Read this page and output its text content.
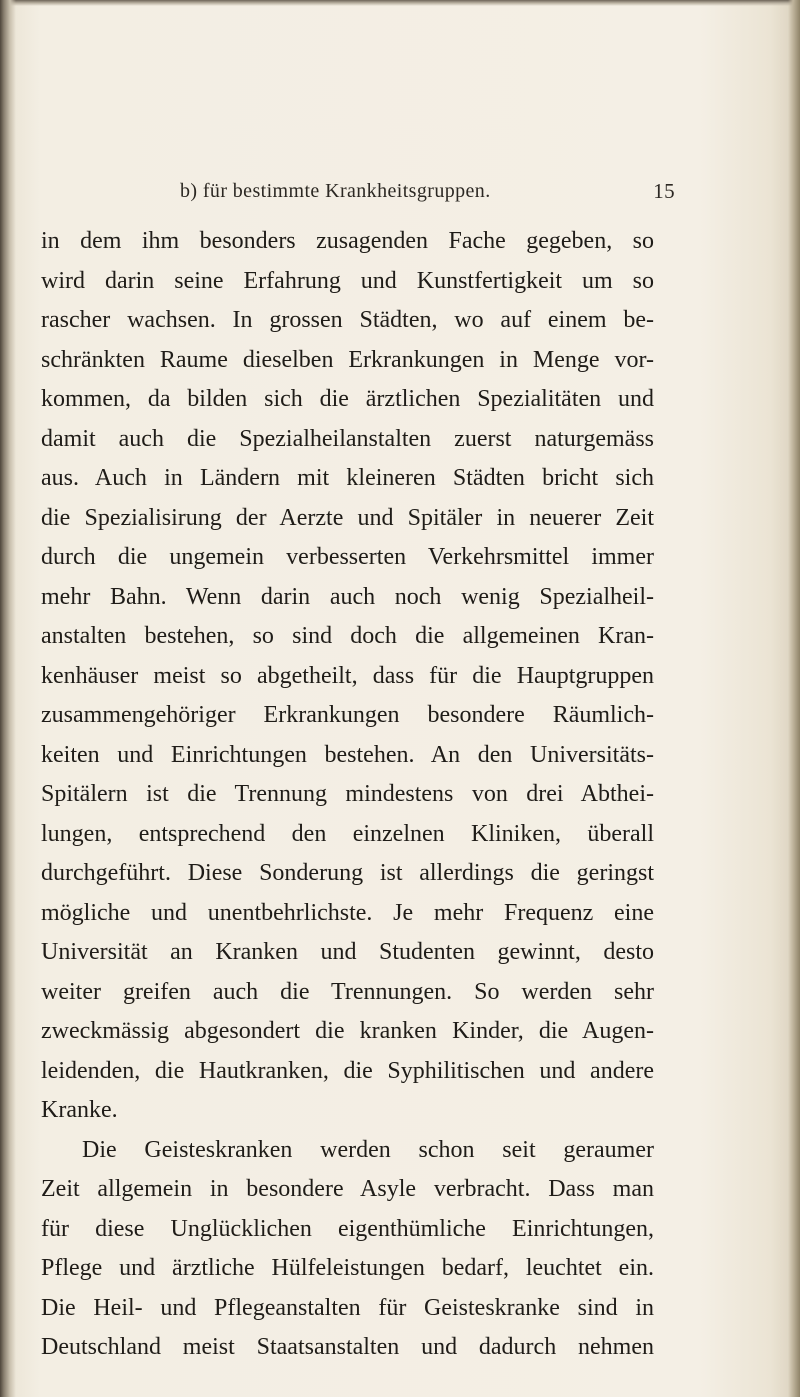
b) für bestimmte Krankheitsgruppen.	15
in dem ihm besonders zusagenden Fache gegeben, so
wird darin seine Erfahrung und Kunstfertigkeit um so
rascher wachsen. In grossen Städten, wo auf einem be-
schränkten Raume dieselben Erkrankungen in Menge vor-
kommen, da bilden sich die ärztlichen Spezialitäten und
damit auch die Spezialheilanstalten zuerst naturgemäss
aus. Auch in Ländern mit kleineren Städten bricht sich
die Spezialisirung der Aerzte und Spitäler in neuerer Zeit
durch die ungemein verbesserten Verkehrsmittel immer
mehr Bahn. Wenn darin auch noch wenig Spezialheil-
anstalten bestehen, so sind doch die allgemeinen Kran-
kenhäuser meist so abgetheilt, dass für die Hauptgruppen
zusammengehöriger Erkrankungen besondere Räumlich-
keiten und Einrichtungen bestehen. An den Universitäts-
Spitälern ist die Trennung mindestens von drei Abthei-
lungen, entsprechend den einzelnen Kliniken, überall
durchgeführt. Diese Sonderung ist allerdings die geringst
mögliche und unentbehrlichste. Je mehr Frequenz eine
Universität an Kranken und Studenten gewinnt, desto
weiter greifen auch die Trennungen. So werden sehr
zweckmässig abgesondert die kranken Kinder, die Augen-
leidenden, die Hautkranken, die Syphilitischen und andere
Kranke.
Die Geisteskranken werden schon seit geraumer
Zeit allgemein in besondere Asyle verbracht. Dass man
für diese Unglücklichen eigenthümliche Einrichtungen,
Pflege und ärztliche Hülfeleistungen bedarf, leuchtet ein.
Die Heil- und Pflegeanstalten für Geisteskranke sind in
Deutschland meist Staatsanstalten und dadurch nehmen
